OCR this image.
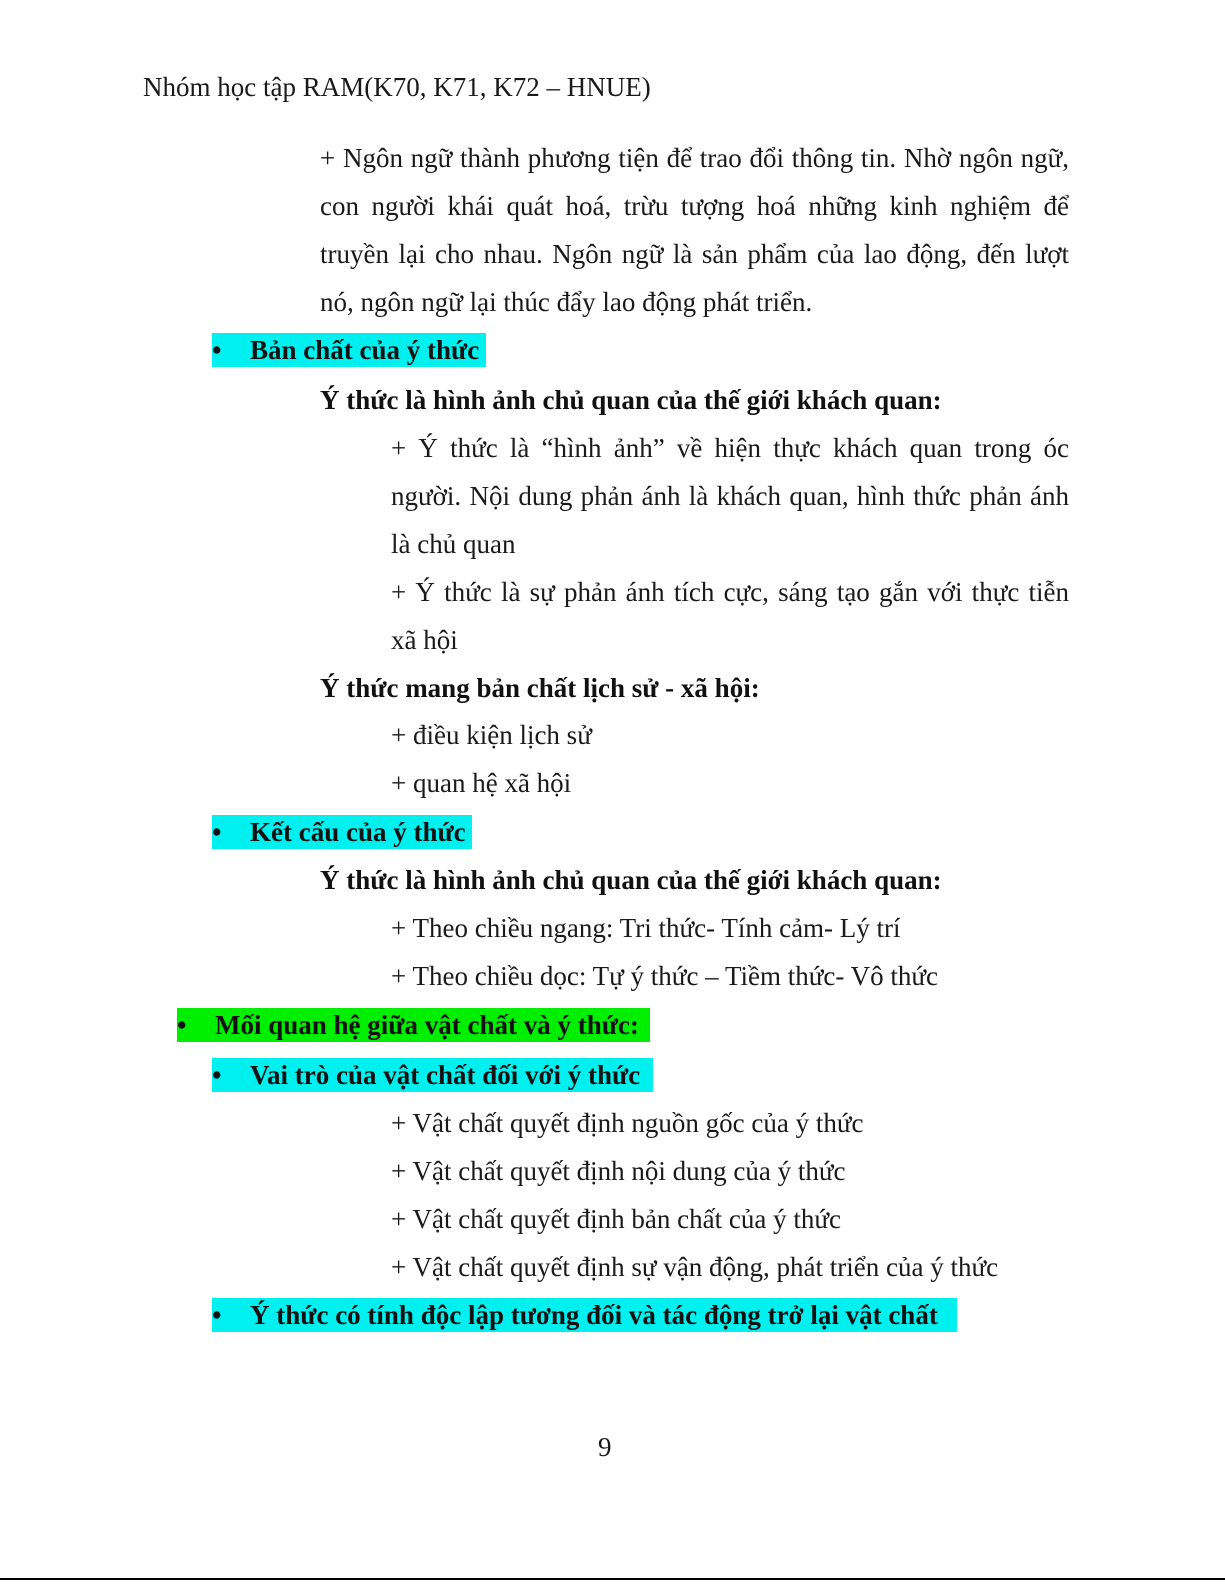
Nhóm học tập RAM(K70, K71, K72 – HNUE)
+ Ngôn ngữ thành phương tiện để trao đổi thông tin. Nhờ ngôn ngữ,
con người khái quát hoá, trừu tượng hoá những kinh nghiệm để
truyền lại cho nhau. Ngôn ngữ là sản phẩm của lao động, đến lượt
nó, ngôn ngữ lại thúc đẩy lao động phát triển.
• Bản chất của ý thức
Ý thức là hình ảnh chủ quan của thế giới khách quan:
+ Ý thức là “hình ảnh” về hiện thực khách quan trong óc
người. Nội dung phản ánh là khách quan, hình thức phản ánh
là chủ quan
+ Ý thức là sự phản ánh tích cực, sáng tạo gắn với thực tiễn
xã hội
Ý thức mang bản chất lịch sử - xã hội:
+ điều kiện lịch sử
+ quan hệ xã hội
• Kết cấu của ý thức
Ý thức là hình ảnh chủ quan của thế giới khách quan:
+ Theo chiều ngang: Tri thức- Tính cảm- Lý trí
+ Theo chiều dọc: Tự ý thức – Tiềm thức- Vô thức
• Mối quan hệ giữa vật chất và ý thức:
• Vai trò của vật chất đối với ý thức
+ Vật chất quyết định nguồn gốc của ý thức
+ Vật chất quyết định nội dung của ý thức
+ Vật chất quyết định bản chất của ý thức
+ Vật chất quyết định sự vận động, phát triển của ý thức
• Ý thức có tính độc lập tương đối và tác động trở lại vật chất
9
